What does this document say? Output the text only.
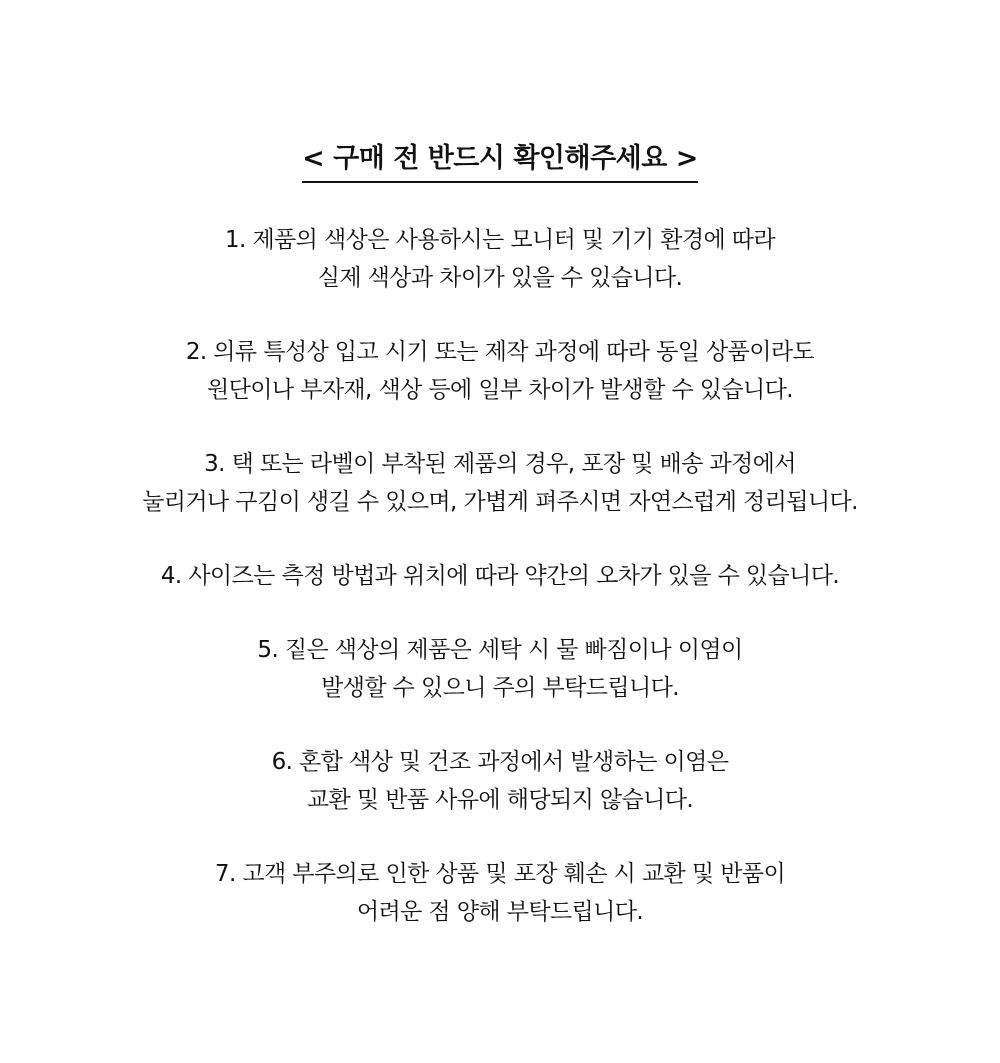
< 구매 전 반드시 확인해주세요 >
1. 제품의 색상은 사용하시는 모니터 및 기기 환경에 따라
실제 색상과 차이가 있을 수 있습니다.
2. 의류 특성상 입고 시기 또는 제작 과정에 따라 동일 상품이라도
원단이나 부자재, 색상 등에 일부 차이가 발생할 수 있습니다.
3. 택 또는 라벨이 부착된 제품의 경우, 포장 및 배송 과정에서
눌리거나 구김이 생길 수 있으며, 가볍게 펴주시면 자연스럽게 정리됩니다.
4. 사이즈는 측정 방법과 위치에 따라 약간의 오차가 있을 수 있습니다.
5. 짙은 색상의 제품은 세탁 시 물 빠짐이나 이염이
발생할 수 있으니 주의 부탁드립니다.
6. 혼합 색상 및 건조 과정에서 발생하는 이염은
교환 및 반품 사유에 해당되지 않습니다.
7. 고객 부주의로 인한 상품 및 포장 훼손 시 교환 및 반품이
어려운 점 양해 부탁드립니다.
